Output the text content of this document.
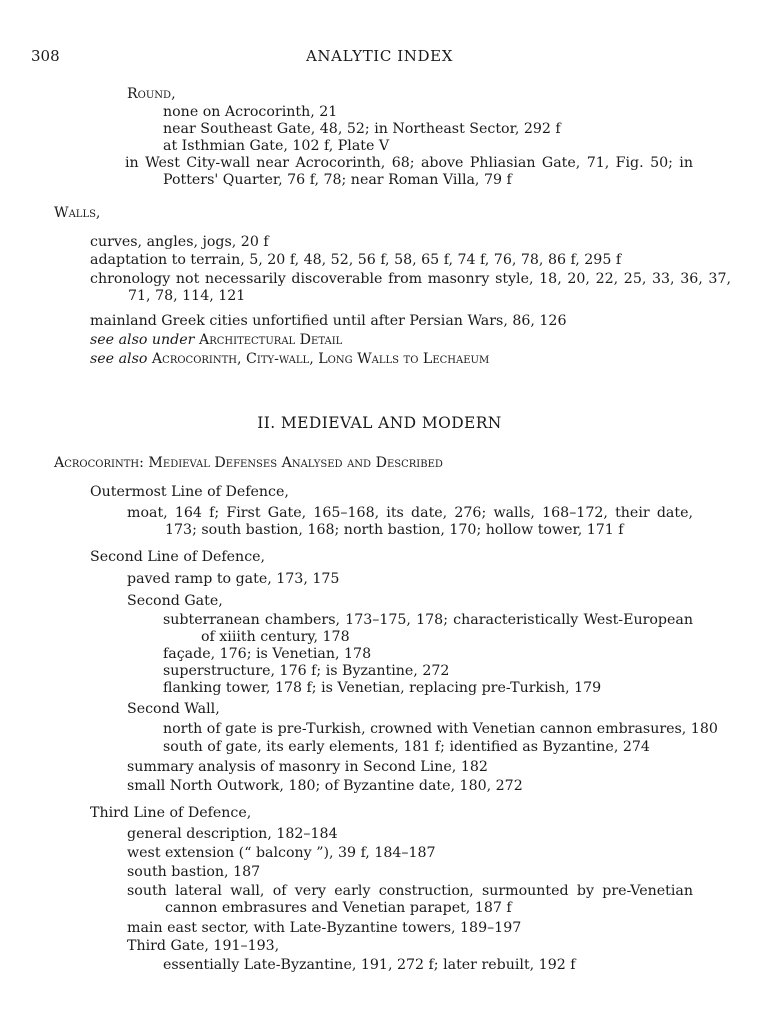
308	ANALYTIC INDEX
Round,
none on Acrocorinth, 21
near Southeast Gate, 48, 52; in Northeast Sector, 292 f
at Isthmian Gate, 102 f, Plate V
in West City-wall near Acrocorinth, 68; above Phliasian Gate, 71, Fig. 50; in Potters' Quarter, 76 f, 78; near Roman Villa, 79 f
Walls,
curves, angles, jogs, 20 f
adaptation to terrain, 5, 20 f, 48, 52, 56 f, 58, 65 f, 74 f, 76, 78, 86 f, 295 f
chronology not necessarily discoverable from masonry style, 18, 20, 22, 25, 33, 36, 37, 71, 78, 114, 121
mainland Greek cities unfortified until after Persian Wars, 86, 126
see also under Architectural Detail
see also Acrocorinth, City-wall, Long Walls to Lechaeum
II. MEDIEVAL AND MODERN
Acrocorinth: Medieval Defenses Analysed and Described
Outermost Line of Defence,
moat, 164 f; First Gate, 165–168, its date, 276; walls, 168–172, their date, 173; south bastion, 168; north bastion, 170; hollow tower, 171 f
Second Line of Defence,
paved ramp to gate, 173, 175
Second Gate,
subterranean chambers, 173–175, 178; characteristically West-European of xiiith century, 178
façade, 176; is Venetian, 178
superstructure, 176 f; is Byzantine, 272
flanking tower, 178 f; is Venetian, replacing pre-Turkish, 179
Second Wall,
north of gate is pre-Turkish, crowned with Venetian cannon embrasures, 180
south of gate, its early elements, 181 f; identified as Byzantine, 274
summary analysis of masonry in Second Line, 182
small North Outwork, 180; of Byzantine date, 180, 272
Third Line of Defence,
general description, 182–184
west extension (“ balcony ”), 39 f, 184–187
south bastion, 187
south lateral wall, of very early construction, surmounted by pre-Venetian cannon embrasures and Venetian parapet, 187 f
main east sector, with Late-Byzantine towers, 189–197
Third Gate, 191–193,
essentially Late-Byzantine, 191, 272 f; later rebuilt, 192 f
